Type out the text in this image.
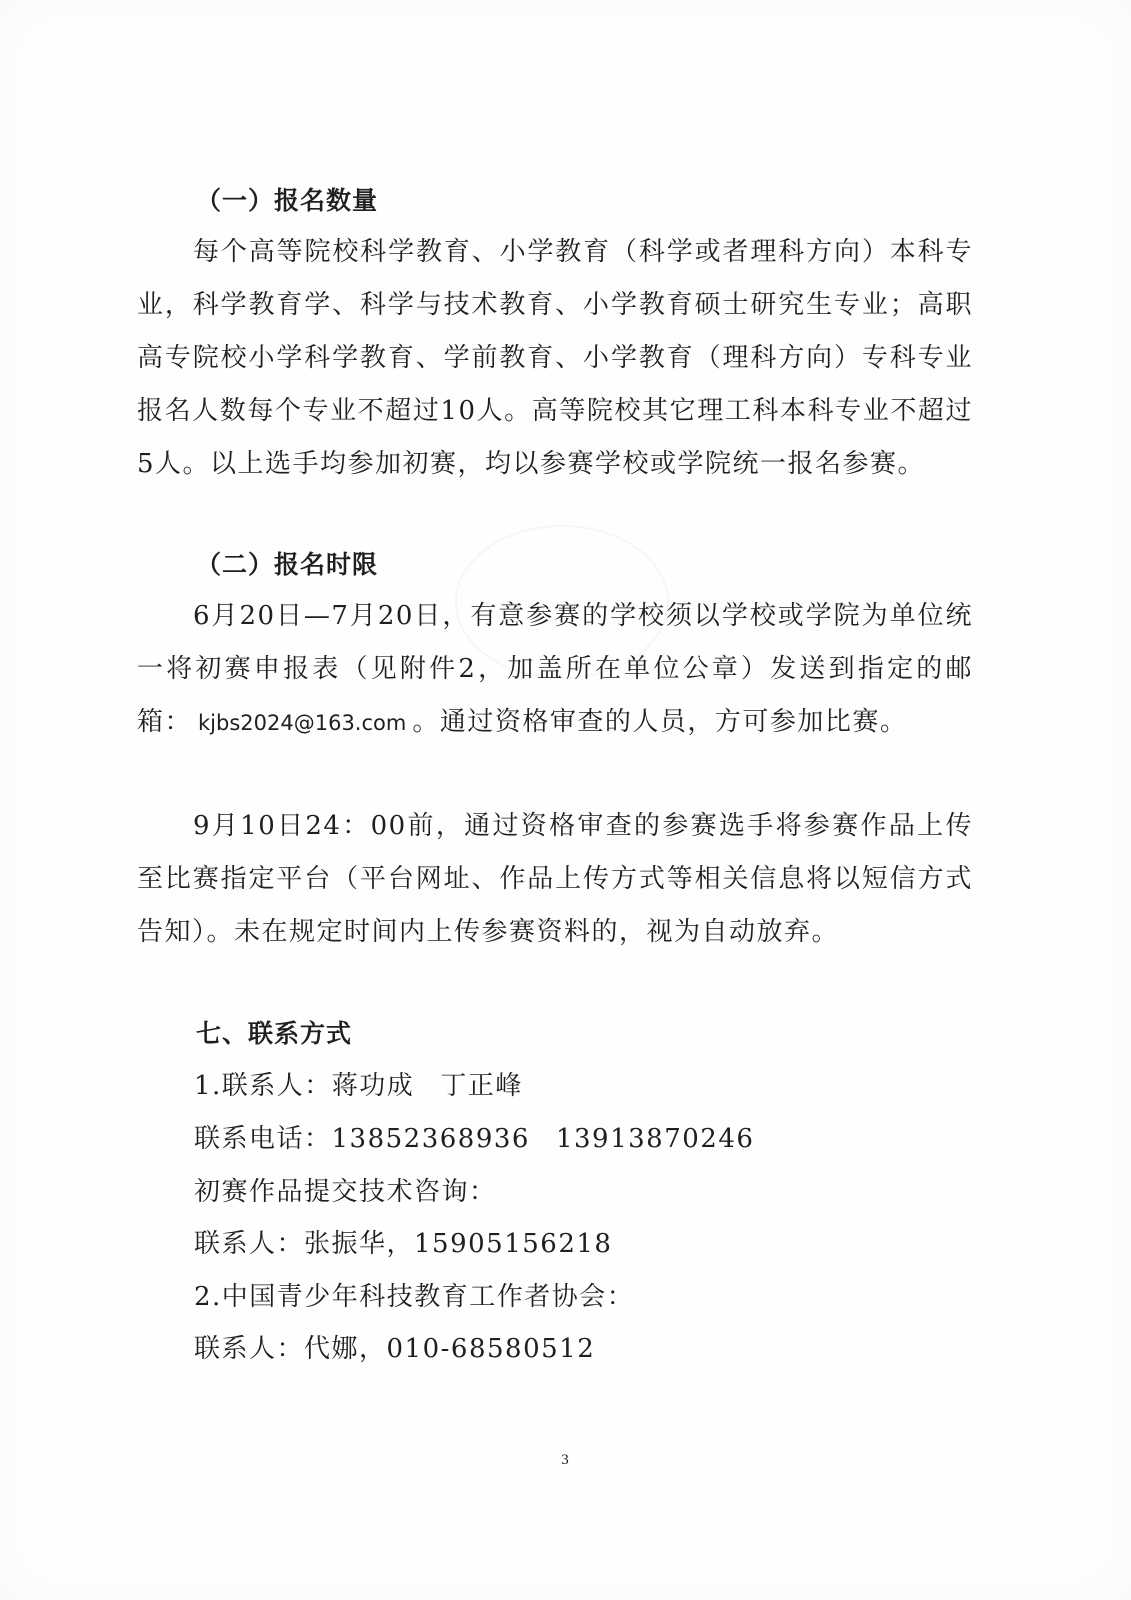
（一）报名数量

每个高等院校科学教育、小学教育（科学或者理科方向）本科专业，科学教育学、科学与技术教育、小学教育硕士研究生专业；高职高专院校小学科学教育、学前教育、小学教育（理科方向）专科专业报名人数每个专业不超过10人。高等院校其它理工科本科专业不超过5人。以上选手均参加初赛，均以参赛学校或学院统一报名参赛。

（二）报名时限

6月20日—7月20日，有意参赛的学校须以学校或学院为单位统一将初赛申报表（见附件2，加盖所在单位公章）发送到指定的邮箱： kjbs2024@163.com 。通过资格审查的人员，方可参加比赛。

9月10日24：00前，通过资格审查的参赛选手将参赛作品上传至比赛指定平台（平台网址、作品上传方式等相关信息将以短信方式告知）。未在规定时间内上传参赛资料的，视为自动放弃。

七、联系方式
1.联系人：蒋功成 丁正峰
联系电话：13852368936 13913870246
初赛作品提交技术咨询：
联系人：张振华，15905156218
2.中国青少年科技教育工作者协会：
联系人：代娜，010-68580512
3
